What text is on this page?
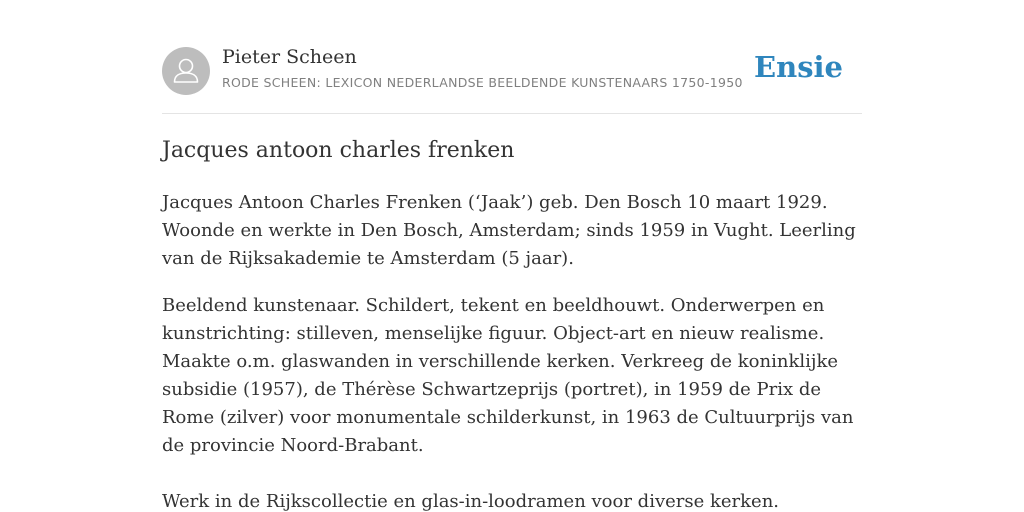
Pieter Scheen
RODE SCHEEN: LEXICON NEDERLANDSE BEELDENDE KUNSTENAARS 1750-1950 Ensie
Jacques antoon charles frenken

Jacques Antoon Charles Frenken (‘Jaak’) geb. Den Bosch 10 maart 1929. Woonde en werkte in Den Bosch, Amsterdam; sinds 1959 in Vught. Leerling van de Rijksakademie te Amsterdam (5 jaar).

Beeldend kunstenaar. Schildert, tekent en beeldhouwt. Onderwerpen en kunstrichting: stilleven, menselijke figuur. Object-art en nieuw realisme. Maakte o.m. glaswanden in verschillende kerken. Verkreeg de koninklijke subsidie (1957), de Thérèse Schwartzeprijs (portret), in 1959 de Prix de Rome (zilver) voor monumentale schilderkunst, in 1963 de Cultuurprijs van de provincie Noord-Brabant.

Werk in de Rijkscollectie en glas-in-loodramen voor diverse kerken.
